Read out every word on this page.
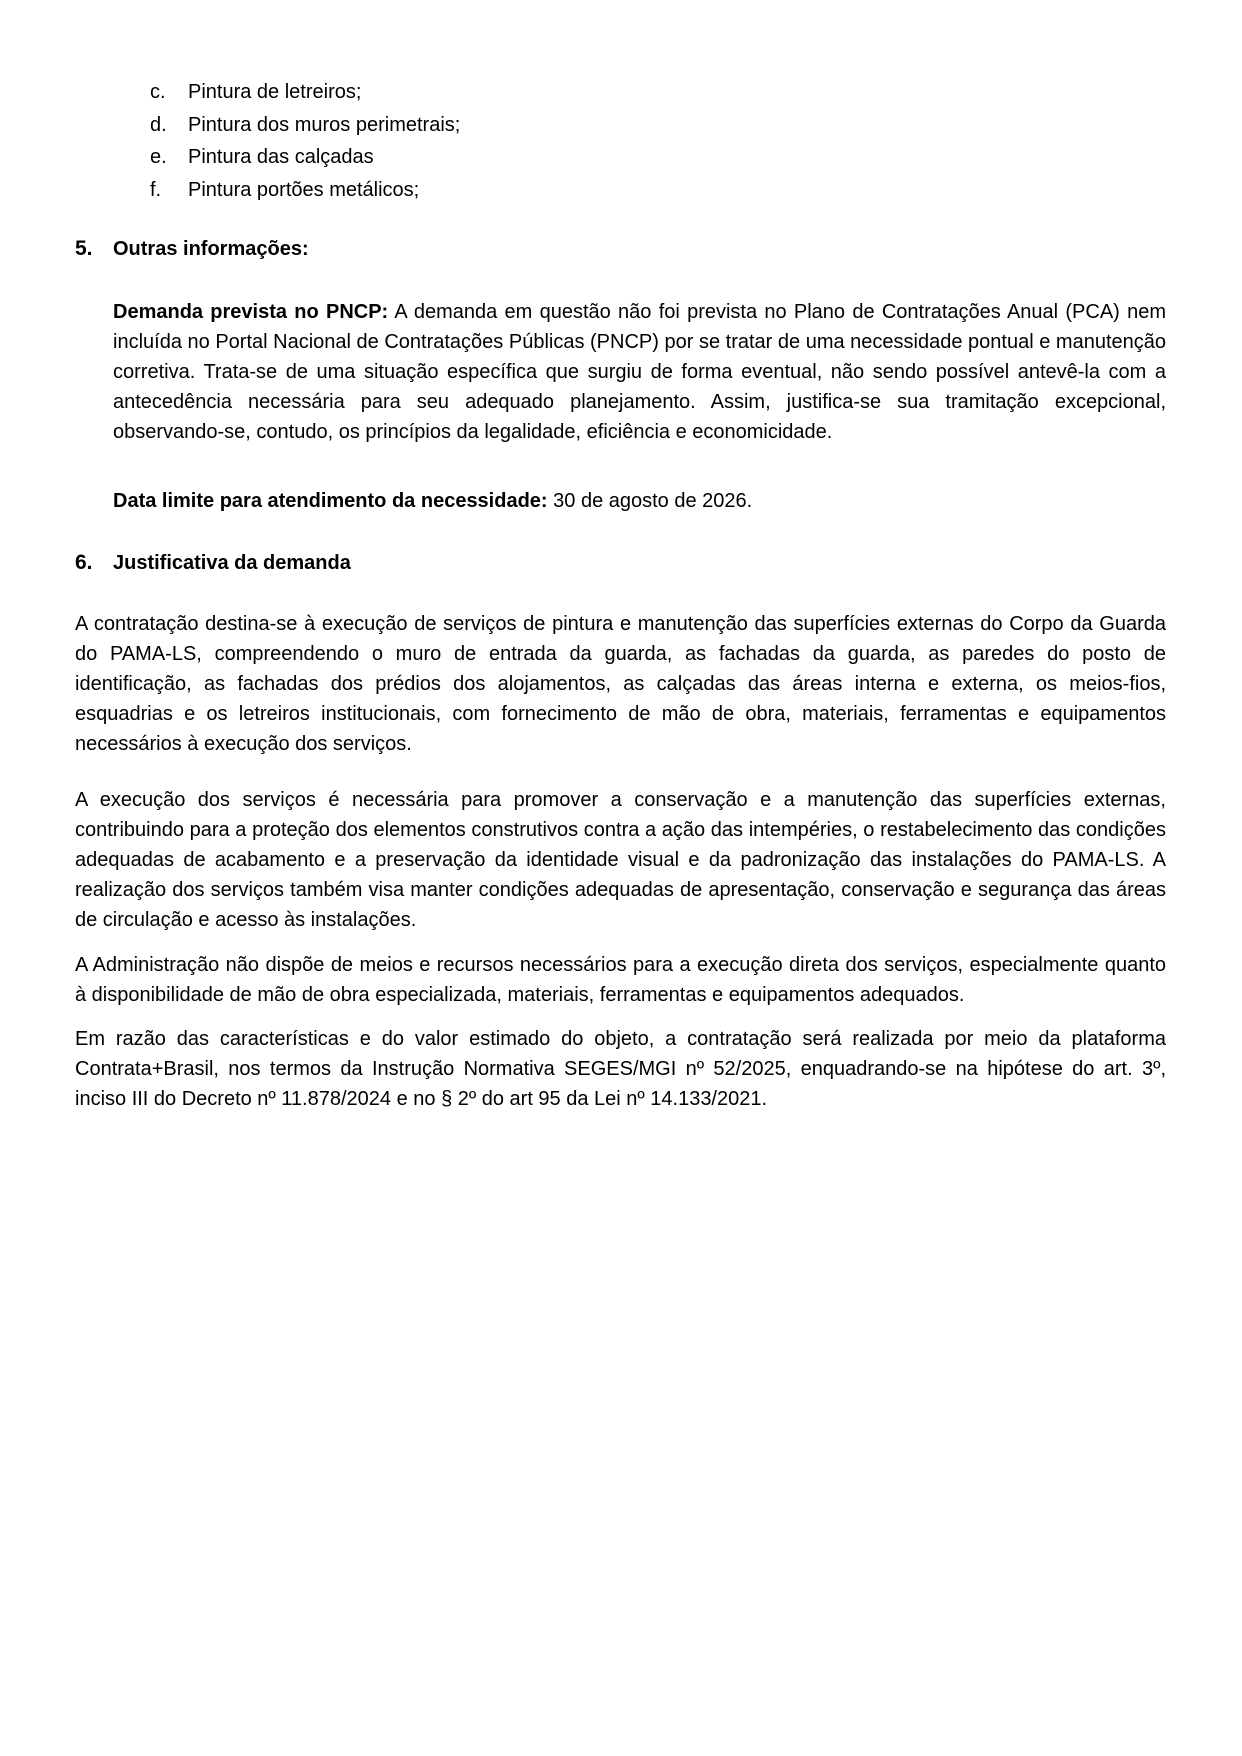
c. Pintura de letreiros;
d. Pintura dos muros perimetrais;
e. Pintura das calçadas
f. Pintura portões metálicos;
5. Outras informações:

Demanda prevista no PNCP: A demanda em questão não foi prevista no Plano de Contratações Anual (PCA) nem incluída no Portal Nacional de Contratações Públicas (PNCP) por se tratar de uma necessidade pontual e manutenção corretiva. Trata-se de uma situação específica que surgiu de forma eventual, não sendo possível antevê-la com a antecedência necessária para seu adequado planejamento. Assim, justifica-se sua tramitação excepcional, observando-se, contudo, os princípios da legalidade, eficiência e economicidade.

Data limite para atendimento da necessidade: 30 de agosto de 2026.

6. Justificativa da demanda

A contratação destina-se à execução de serviços de pintura e manutenção das superfícies externas do Corpo da Guarda do PAMA-LS, compreendendo o muro de entrada da guarda, as fachadas da guarda, as paredes do posto de identificação, as fachadas dos prédios dos alojamentos, as calçadas das áreas interna e externa, os meios-fios, esquadrias e os letreiros institucionais, com fornecimento de mão de obra, materiais, ferramentas e equipamentos necessários à execução dos serviços.

A execução dos serviços é necessária para promover a conservação e a manutenção das superfícies externas, contribuindo para a proteção dos elementos construtivos contra a ação das intempéries, o restabelecimento das condições adequadas de acabamento e a preservação da identidade visual e da padronização das instalações do PAMA-LS. A realização dos serviços também visa manter condições adequadas de apresentação, conservação e segurança das áreas de circulação e acesso às instalações.

A Administração não dispõe de meios e recursos necessários para a execução direta dos serviços, especialmente quanto à disponibilidade de mão de obra especializada, materiais, ferramentas e equipamentos adequados.

Em razão das características e do valor estimado do objeto, a contratação será realizada por meio da plataforma Contrata+Brasil, nos termos da Instrução Normativa SEGES/MGI nº 52/2025, enquadrando-se na hipótese do art. 3º, inciso III do Decreto nº 11.878/2024 e no § 2º do art 95 da Lei nº 14.133/2021.
